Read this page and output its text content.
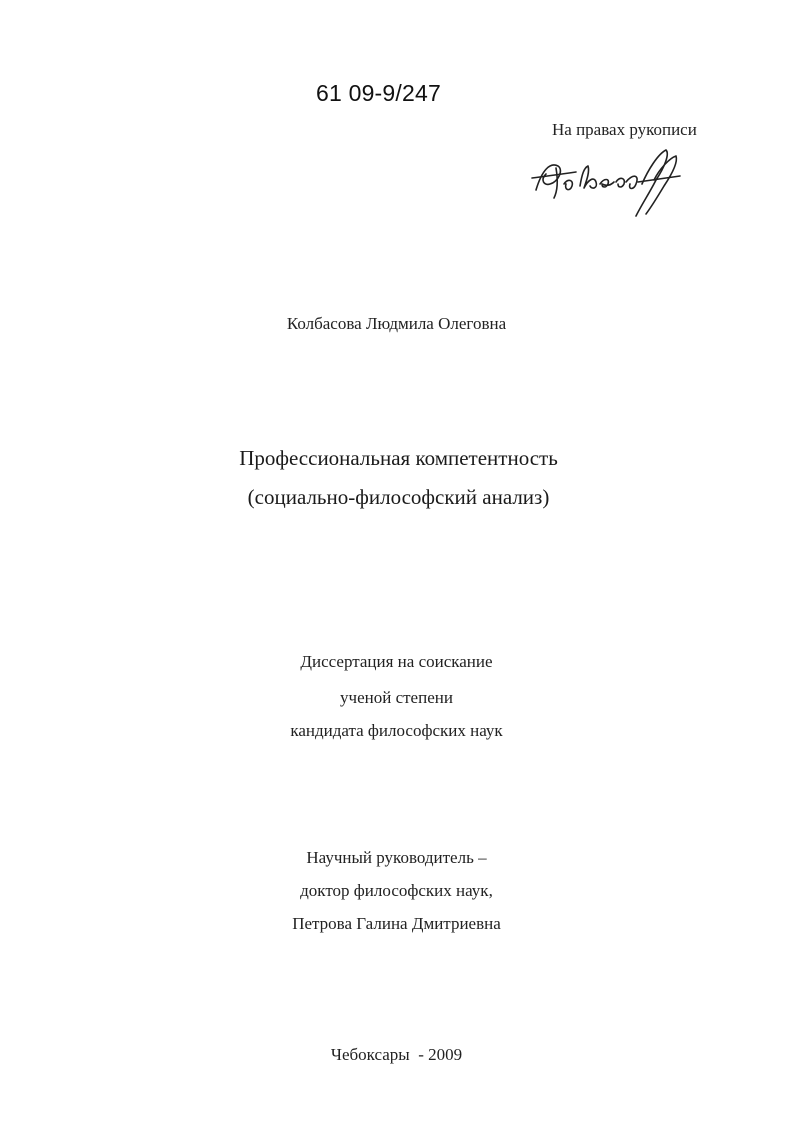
61 09-9/247
На правах рукописи
Колбасова Людмила Олеговна
Профессиональная компетентность
(социально-философский анализ)
Диссертация на соискание
ученой степени
кандидата философских наук
Научный руководитель –
доктор философских наук,
Петрова Галина Дмитриевна
Чебоксары  - 2009
